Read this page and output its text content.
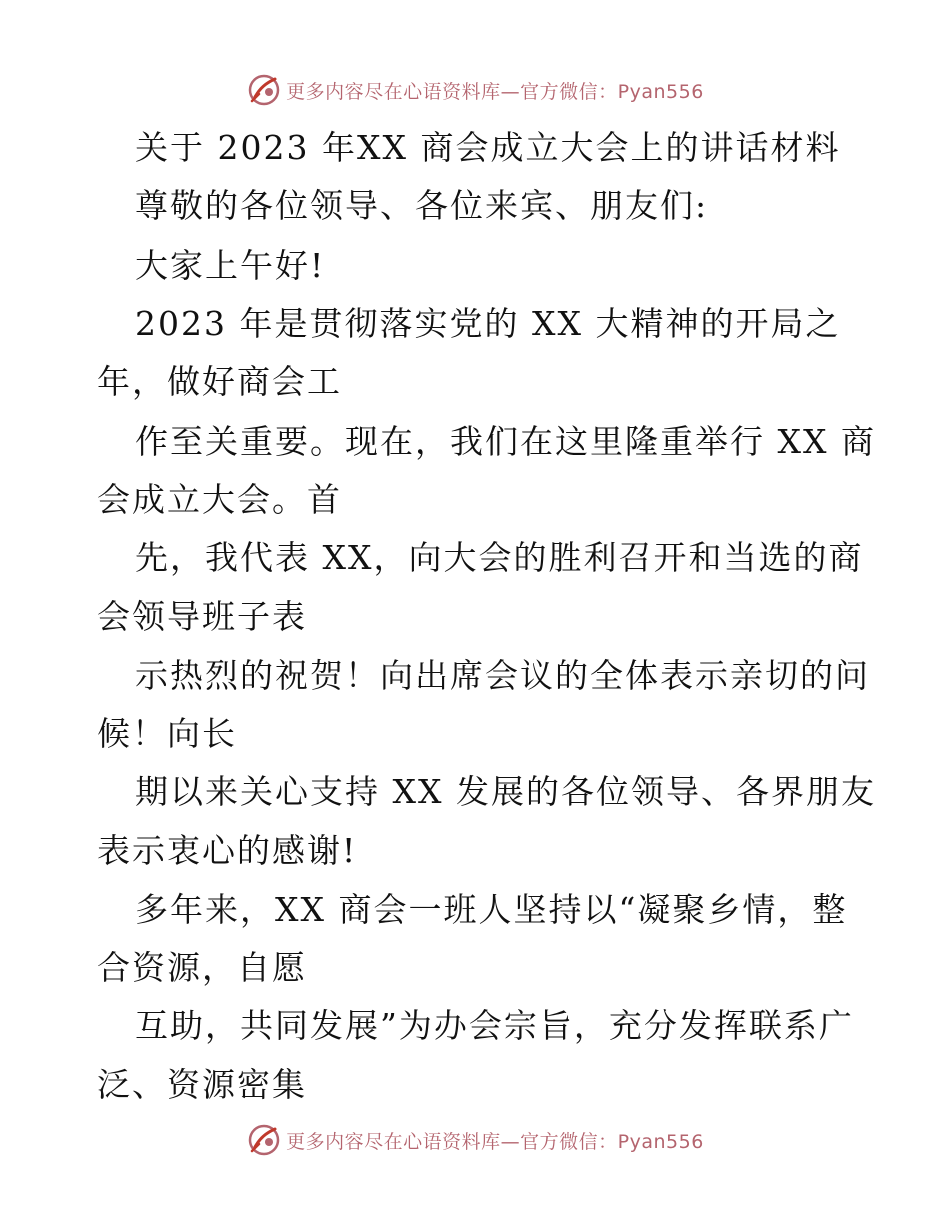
更多内容尽在心语资料库—官方微信：Pyan556
关于 2023 年XX 商会成立大会上的讲话材料
尊敬的各位领导、各位来宾、朋友们:
大家上午好!
2023 年是贯彻落实党的 XX 大精神的开局之
年，做好商会工
作至关重要。现在，我们在这里隆重举行 XX 商
会成立大会。首
先，我代表 XX，向大会的胜利召开和当选的商
会领导班子表
示热烈的祝贺！向出席会议的全体表示亲切的问
候！向长
期以来关心支持 XX 发展的各位领导、各界朋友
表示衷心的感谢!
多年来，XX 商会一班人坚持以“凝聚乡情，整
合资源，自愿
互助，共同发展”为办会宗旨，充分发挥联系广
泛、资源密集
更多内容尽在心语资料库—官方微信：Pyan556
